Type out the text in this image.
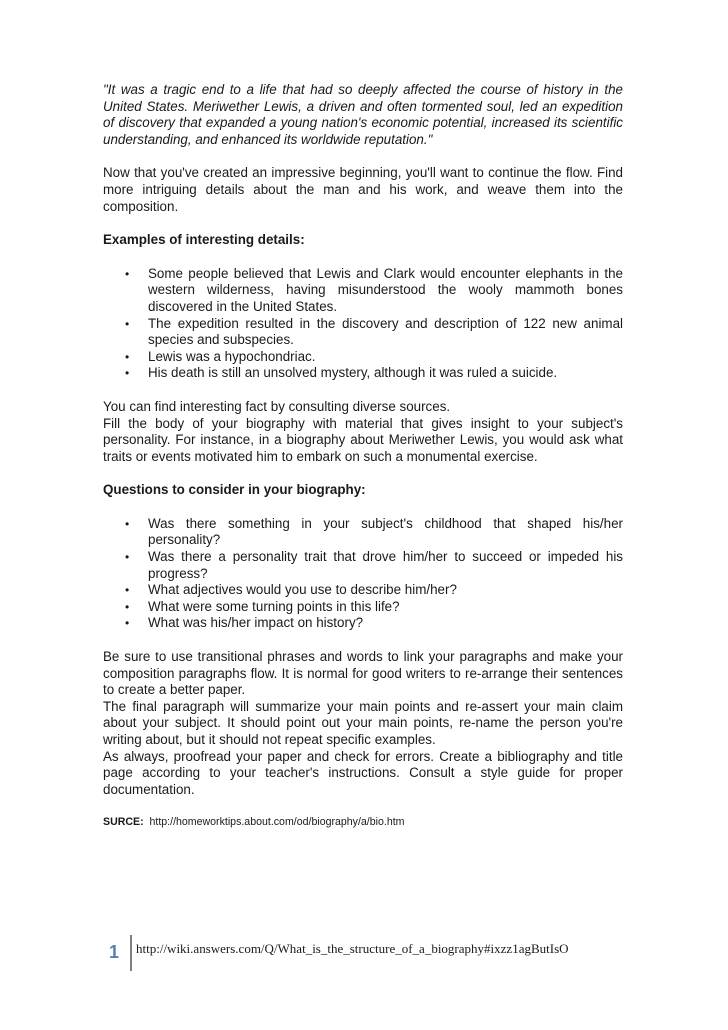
"It was a tragic end to a life that had so deeply affected the course of history in the United States. Meriwether Lewis, a driven and often tormented soul, led an expedition of discovery that expanded a young nation's economic potential, increased its scientific understanding, and enhanced its worldwide reputation."

Now that you've created an impressive beginning, you'll want to continue the flow. Find more intriguing details about the man and his work, and weave them into the composition.

Examples of interesting details:

• Some people believed that Lewis and Clark would encounter elephants in the western wilderness, having misunderstood the wooly mammoth bones discovered in the United States.
• The expedition resulted in the discovery and description of 122 new animal species and subspecies.
• Lewis was a hypochondriac.
• His death is still an unsolved mystery, although it was ruled a suicide.

You can find interesting fact by consulting diverse sources.

Fill the body of your biography with material that gives insight to your subject's personality. For instance, in a biography about Meriwether Lewis, you would ask what traits or events motivated him to embark on such a monumental exercise.

Questions to consider in your biography:

• Was there something in your subject's childhood that shaped his/her personality?
• Was there a personality trait that drove him/her to succeed or impeded his progress?
• What adjectives would you use to describe him/her?
• What were some turning points in this life?
• What was his/her impact on history?

Be sure to use transitional phrases and words to link your paragraphs and make your composition paragraphs flow. It is normal for good writers to re-arrange their sentences to create a better paper.

The final paragraph will summarize your main points and re-assert your main claim about your subject. It should point out your main points, re-name the person you're writing about, but it should not repeat specific examples.

As always, proofread your paper and check for errors. Create a bibliography and title page according to your teacher's instructions. Consult a style guide for proper documentation.

SURCE: http://homeworktips.about.com/od/biography/a/bio.htm

1 http://wiki.answers.com/Q/What_is_the_structure_of_a_biography#ixzz1agButIsO
